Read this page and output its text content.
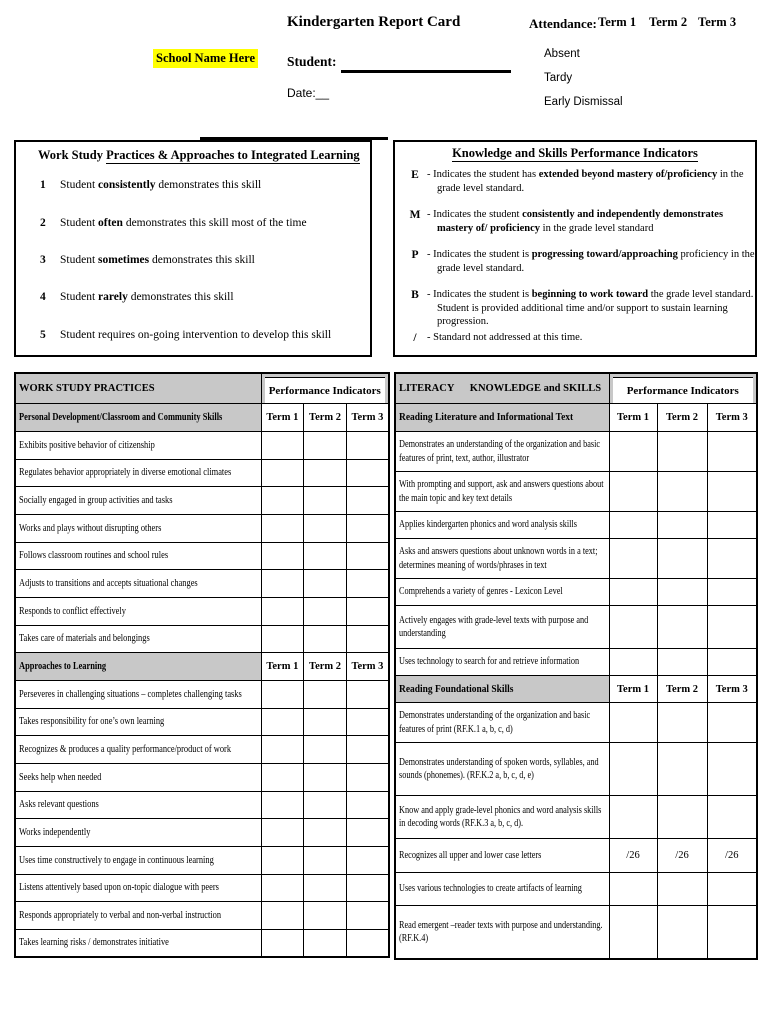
Kindergarten Report Card
School Name Here Student:
Date:__
Attendance: Term 1 Term 2 Term 3
Absent
Tardy
Early Dismissal
Work Study Practices & Approaches to Integrated Learning
1 Student consistently demonstrates this skill
2 Student often demonstrates this skill most of the time
3 Student sometimes demonstrates this skill
4 Student rarely demonstrates this skill
5 Student requires on-going intervention to develop this skill
Knowledge and Skills Performance Indicators
E - Indicates the student has extended beyond mastery of/proficiency in the grade level standard.
M - Indicates the student consistently and independently demonstrates mastery of/ proficiency in the grade level standard
P - Indicates the student is progressing toward/approaching proficiency in the grade level standard.
B - Indicates the student is beginning to work toward the grade level standard. Student is provided additional time and/or support to sustain learning progression.
/ - Standard not addressed at this time.
WORK STUDY PRACTICES	Performance Indicators		

Personal Development/Classroom and Community Skills	Term 1	Term 2	Term 3
Exhibits positive behavior of citizenship			
Regulates behavior appropriately in diverse emotional climates			
Socially engaged in group activities and tasks			
Works and plays without disrupting others			
Follows classroom routines and school rules			
Adjusts to transitions and accepts situational changes			
Responds to conflict effectively			
Takes care of materials and belongings			
Approaches to Learning	Term 1	Term 2	Term 3
Perseveres in challenging situations – completes challenging tasks			
Takes responsibility for one’s own learning			
Recognizes & produces a quality performance/product of work			
Seeks help when needed			
Asks relevant questions			
Works independently			
Uses time constructively to engage in continuous learning			
Listens attentively based upon on-topic dialogue with peers			
Responds appropriately to verbal and non-verbal instruction			
Takes learning risks / demonstrates initiative			
LITERACY      KNOWLEDGE and SKILLS	Performance Indicators		

Reading Literature and Informational Text	Term 1	Term 2	Term 3

Demonstrates an understanding of the organization and basic features of print, text, author, illustrator			

With prompting and support, ask and answers questions about the main topic and key text details			

Applies kindergarten phonics and word analysis skills			

Asks and answers questions about unknown words in a text; determines meaning of words/phrases in text			

Comprehends a variety of genres - Lexicon Level			

Actively engages with grade-level texts with purpose and understanding			

Uses technology to search for and retrieve information			

Reading Foundational Skills	Term 1	Term 2	Term 3

Demonstrates understanding of the organization and basic features of print (RF.K.1 a, b, c, d)			

Demonstrates understanding of spoken words, syllables, and sounds (phonemes). (RF.K.2 a, b, c, d, e)			

Know and apply grade-level phonics and word analysis skills in decoding words (RF.K.3 a, b, c, d).			

Recognizes all upper and lower case letters	/26	/26	/26

Uses various technologies to create artifacts of learning			

Read emergent –reader texts with purpose and understanding. (RF.K.4)			
